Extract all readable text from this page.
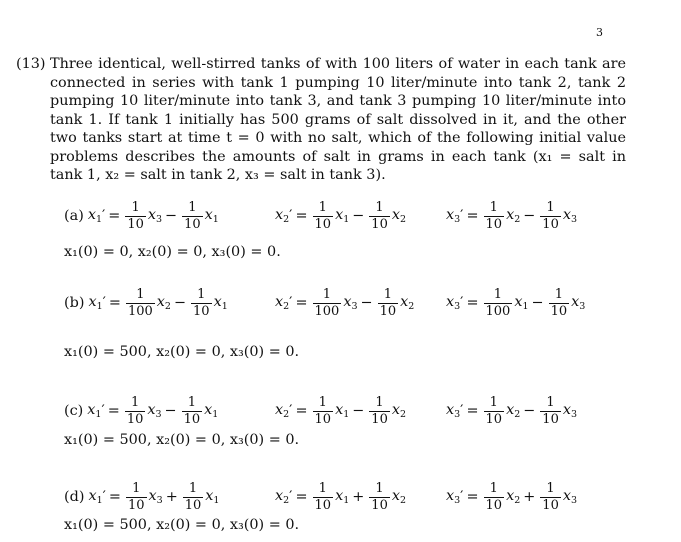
3
(13) Three identical, well-stirred tanks of with 100 liters of water in each tank are connected in series with tank 1 pumping 10 liter/minute into tank 2, tank 2 pumping 10 liter/minute into tank 3, and tank 3 pumping 10 liter/minute into tank 1. If tank 1 initially has 500 grams of salt dissolved in it, and the other two tanks start at time t = 0 with no salt, which of the following initial value problems describes the amounts of salt in grams in each tank (x₁ = salt in tank 1, x₂ = salt in tank 2, x₃ = salt in tank 3).
(a) $x_1$ ′ = $\frac{1}{10} x_3 - \frac{1}{10} x_1$	$x_2$ ′ = $\frac{1}{10} x_1 - \frac{1}{10} x_2$	$x_3$ ′ = $\frac{1}{10} x_2 - \frac{1}{10} x_3$
x₁(0) = 0, x₂(0) = 0, x₃(0) = 0.
(b) $x_1$ ′ = $\frac{1}{100} x_2 - \frac{1}{10} x_1$	$x_2$ ′ = $\frac{1}{100} x_3 - \frac{1}{10} x_2$ $x_3$ ′ = $\frac{1}{100} x_1 - \frac{1}{10} x_3$
x₁(0) = 500, x₂(0) = 0, x₃(0) = 0.
(c) $x_1$ ′ = $\frac{1}{10} x_3 - \frac{1}{10} x_1$	$x_2$ ′ = $\frac{1}{10} x_1 - \frac{1}{10} x_2$	$x_3$ ′ = $\frac{1}{10} x_2 - \frac{1}{10} x_3$
x₁(0) = 500, x₂(0) = 0, x₃(0) = 0.
(d) $x_1$ ′ = $\frac{1}{10} x_3 + \frac{1}{10} x_1$	$x_2$ ′ = $\frac{1}{10} x_1 + \frac{1}{10} x_2$	$x_3$ ′ = $\frac{1}{10} x_2 + \frac{1}{10} x_3$
x₁(0) = 500, x₂(0) = 0, x₃(0) = 0.
